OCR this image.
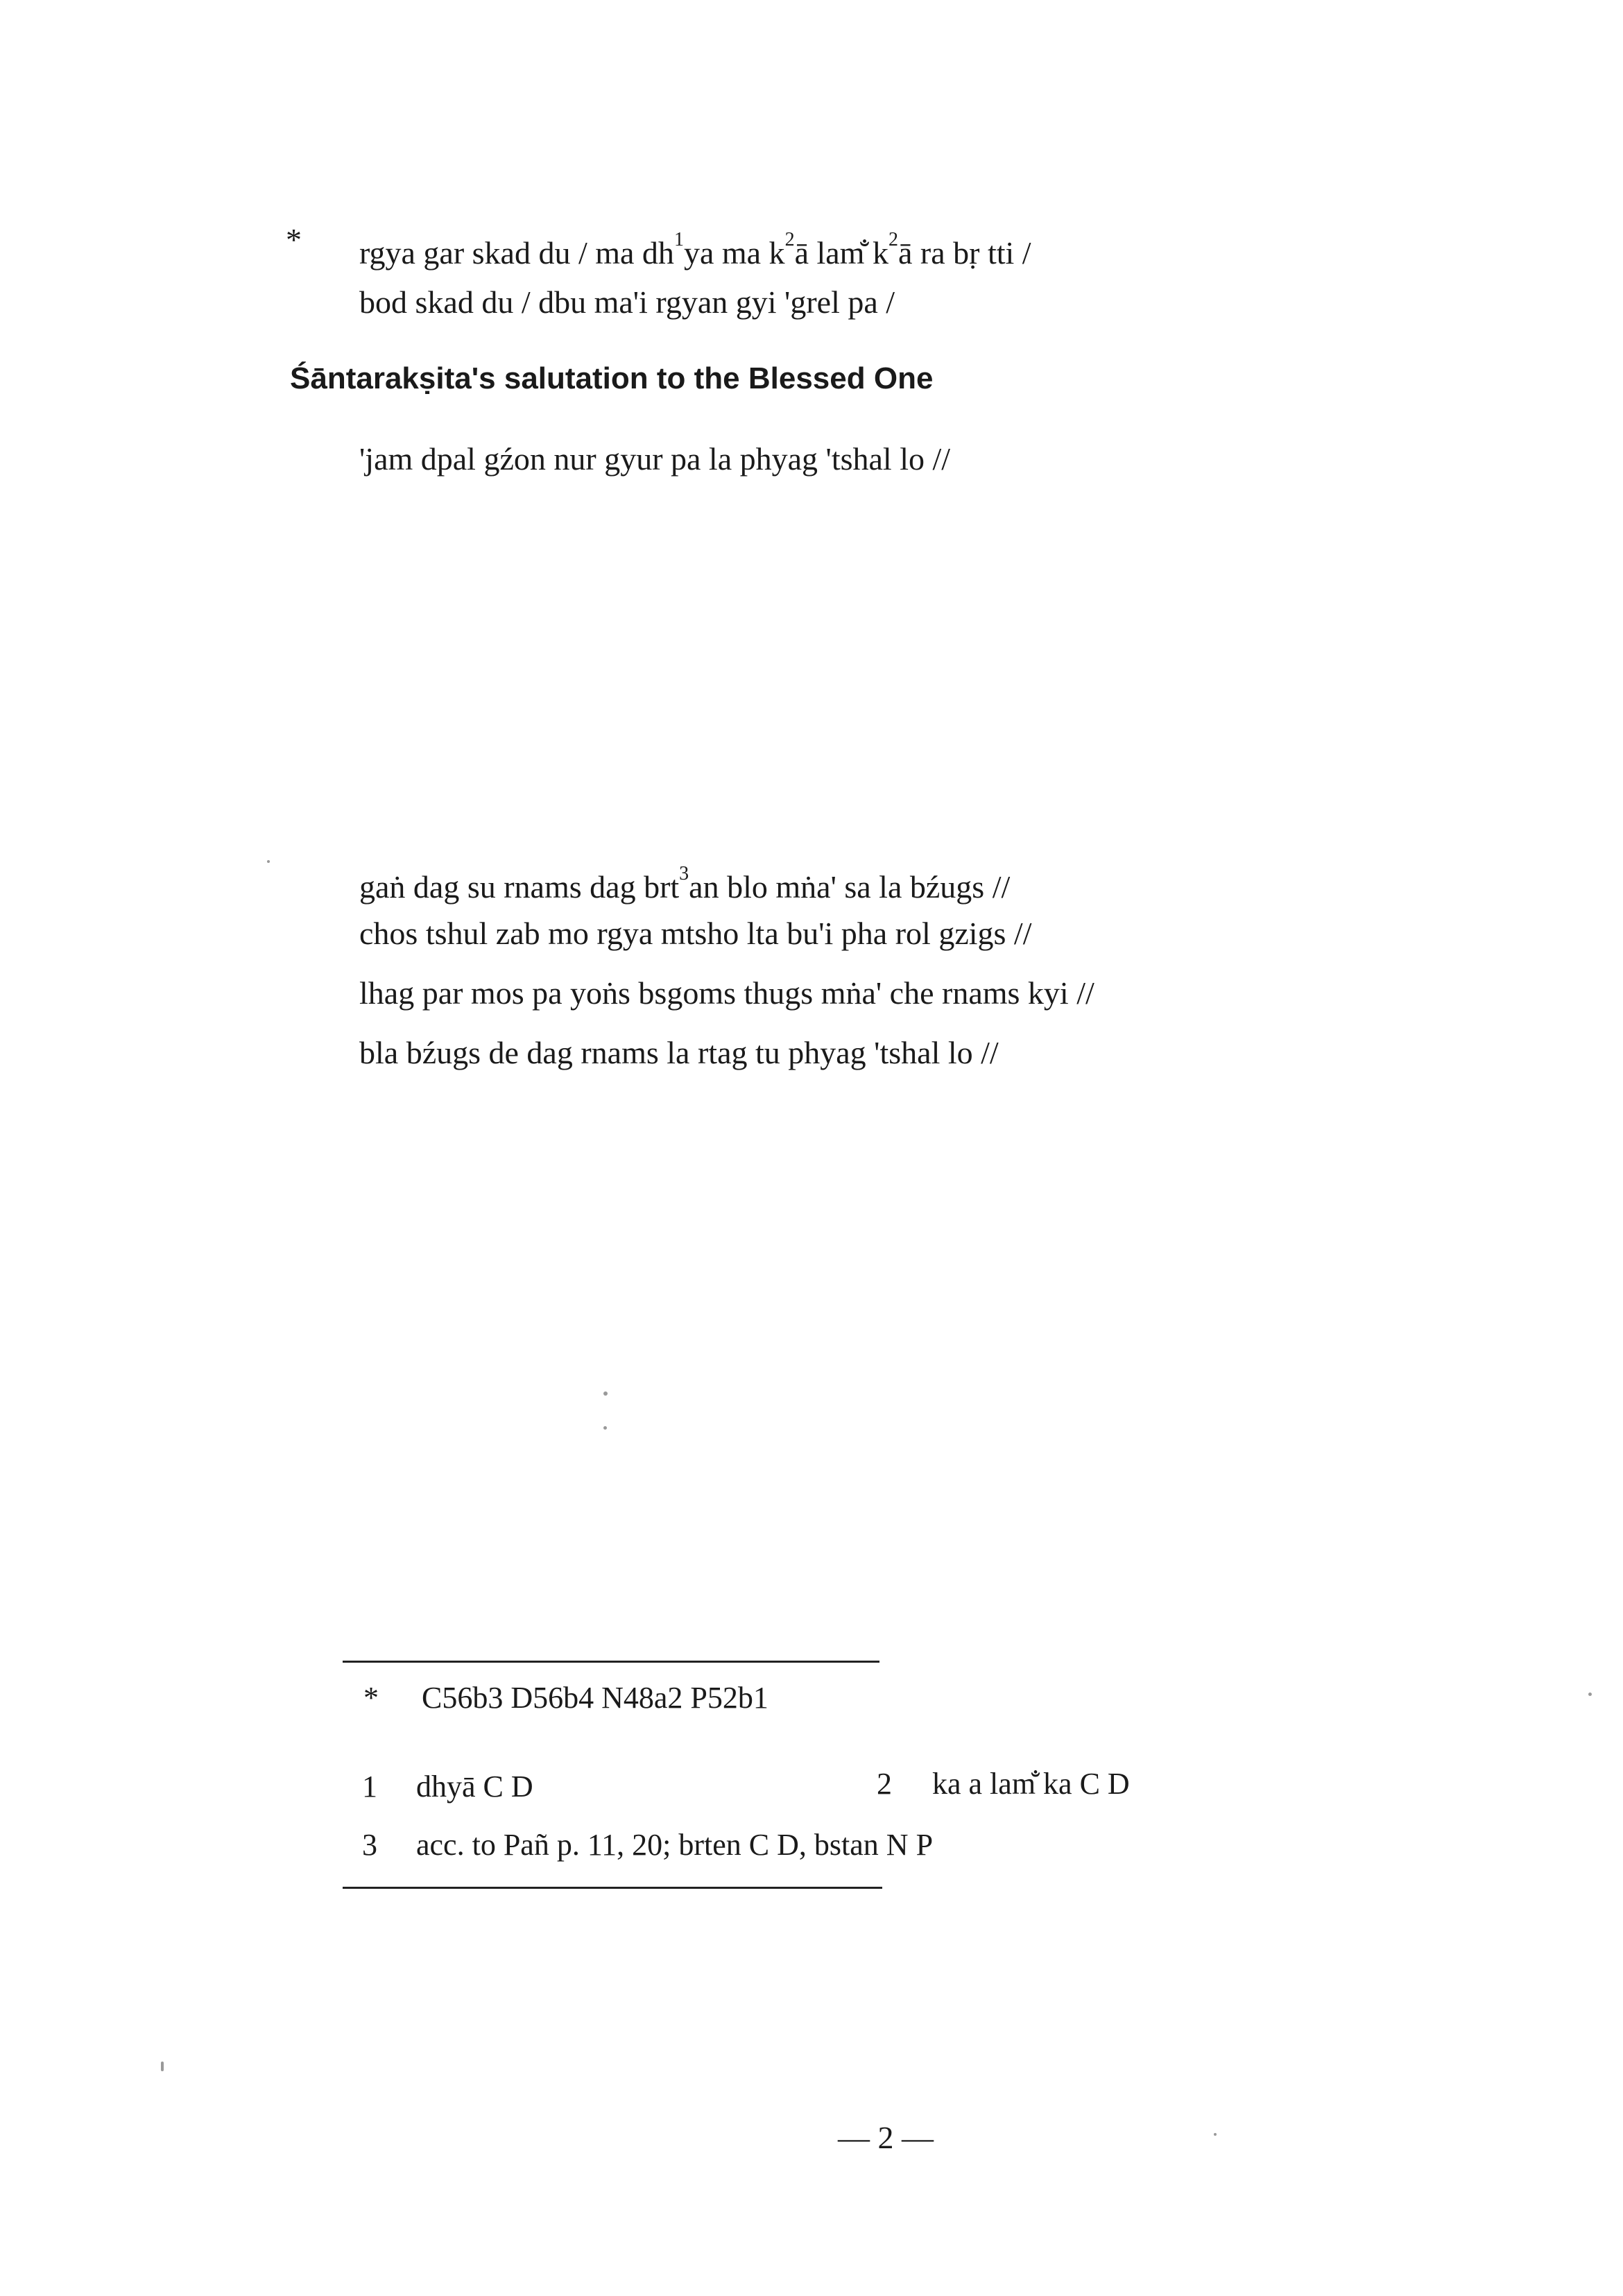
* rgya gar skad du / ma $dh^1ya$ ma $k^2ā$ lam̐ $k^2ā$ ra bṛ tti /
bod skad du / dbu ma'i rgyan gyi 'grel pa /
Śāntarakṣita's salutation to the Blessed One
'jam dpal gźon nur gyur pa la phyag 'tshal lo //
gaṅ dag su rnams dag brt$^3$an blo mṅa' sa la bźugs //
chos tshul zab mo rgya mtsho lta bu'i pha rol gzigs //
lhag par mos pa yoṅs bsgoms thugs mṅa' che rnams kyi //
bla bźugs de dag rnams la rtag tu phyag 'tshal lo //
* C56b3 D56b4 N48a2 P52b1
1 dhyā C D	2 ka a lam̐ ka C D
3 acc. to Pañ p. 11, 20; brten C D, bstan N P
— 2 —
